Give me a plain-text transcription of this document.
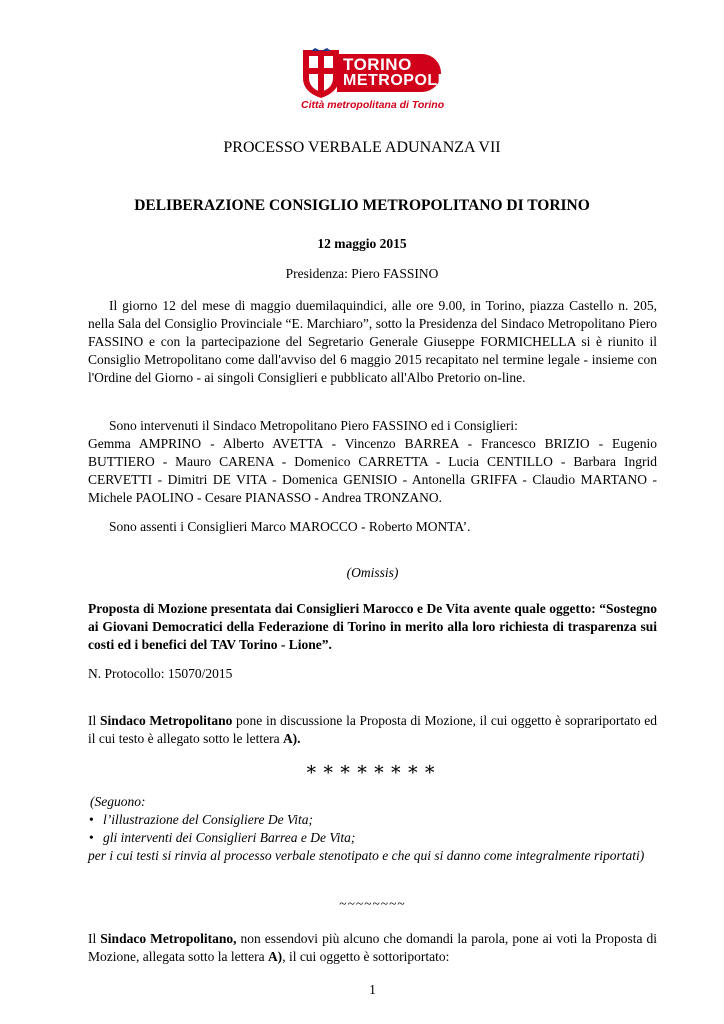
TORINO
METROPOLI
Città metropolitana di Torino
PROCESSO VERBALE ADUNANZA VII
DELIBERAZIONE CONSIGLIO METROPOLITANO DI TORINO
12 maggio 2015
Presidenza: Piero FASSINO
Il giorno 12 del mese di maggio duemilaquindici, alle ore 9.00, in Torino, piazza Castello n. 205, nella Sala del Consiglio Provinciale “E. Marchiaro”, sotto la Presidenza del Sindaco Metropolitano Piero FASSINO e con la partecipazione del Segretario Generale Giuseppe FORMICHELLA si è riunito il Consiglio Metropolitano come dall'avviso del 6 maggio 2015 recapitato nel termine legale - insieme con l'Ordine del Giorno - ai singoli Consiglieri e pubblicato all'Albo Pretorio on-line.
Sono intervenuti il Sindaco Metropolitano Piero FASSINO ed i Consiglieri:
Gemma AMPRINO - Alberto AVETTA - Vincenzo BARREA - Francesco BRIZIO - Eugenio BUTTIERO - Mauro CARENA - Domenico CARRETTA - Lucia CENTILLO - Barbara Ingrid CERVETTI - Dimitri DE VITA - Domenica GENISIO - Antonella GRIFFA - Claudio MARTANO - Michele PAOLINO - Cesare PIANASSO - Andrea TRONZANO.
Sono assenti i Consiglieri Marco MAROCCO - Roberto MONTA’.
(Omissis)
Proposta di Mozione presentata dai Consiglieri Marocco e De Vita avente quale oggetto: “Sostegno ai Giovani Democratici della Federazione di Torino in merito alla loro richiesta di trasparenza sui costi ed i benefici del TAV Torino - Lione”.
N. Protocollo: 15070/2015
Il Sindaco Metropolitano pone in discussione la Proposta di Mozione, il cui oggetto è soprariportato ed il cui testo è allegato sotto le lettera A).
∗∗∗∗∗∗∗∗
(Seguono:
• l’illustrazione del Consigliere De Vita;
• gli interventi dei Consiglieri Barrea e De Vita;
per i cui testi si rinvia al processo verbale stenotipato e che qui si danno come integralmente riportati)
~~~~~~~~
Il Sindaco Metropolitano, non essendovi più alcuno che domandi la parola, pone ai voti la Proposta di Mozione, allegata sotto la lettera A), il cui oggetto è sottoriportato:
1
